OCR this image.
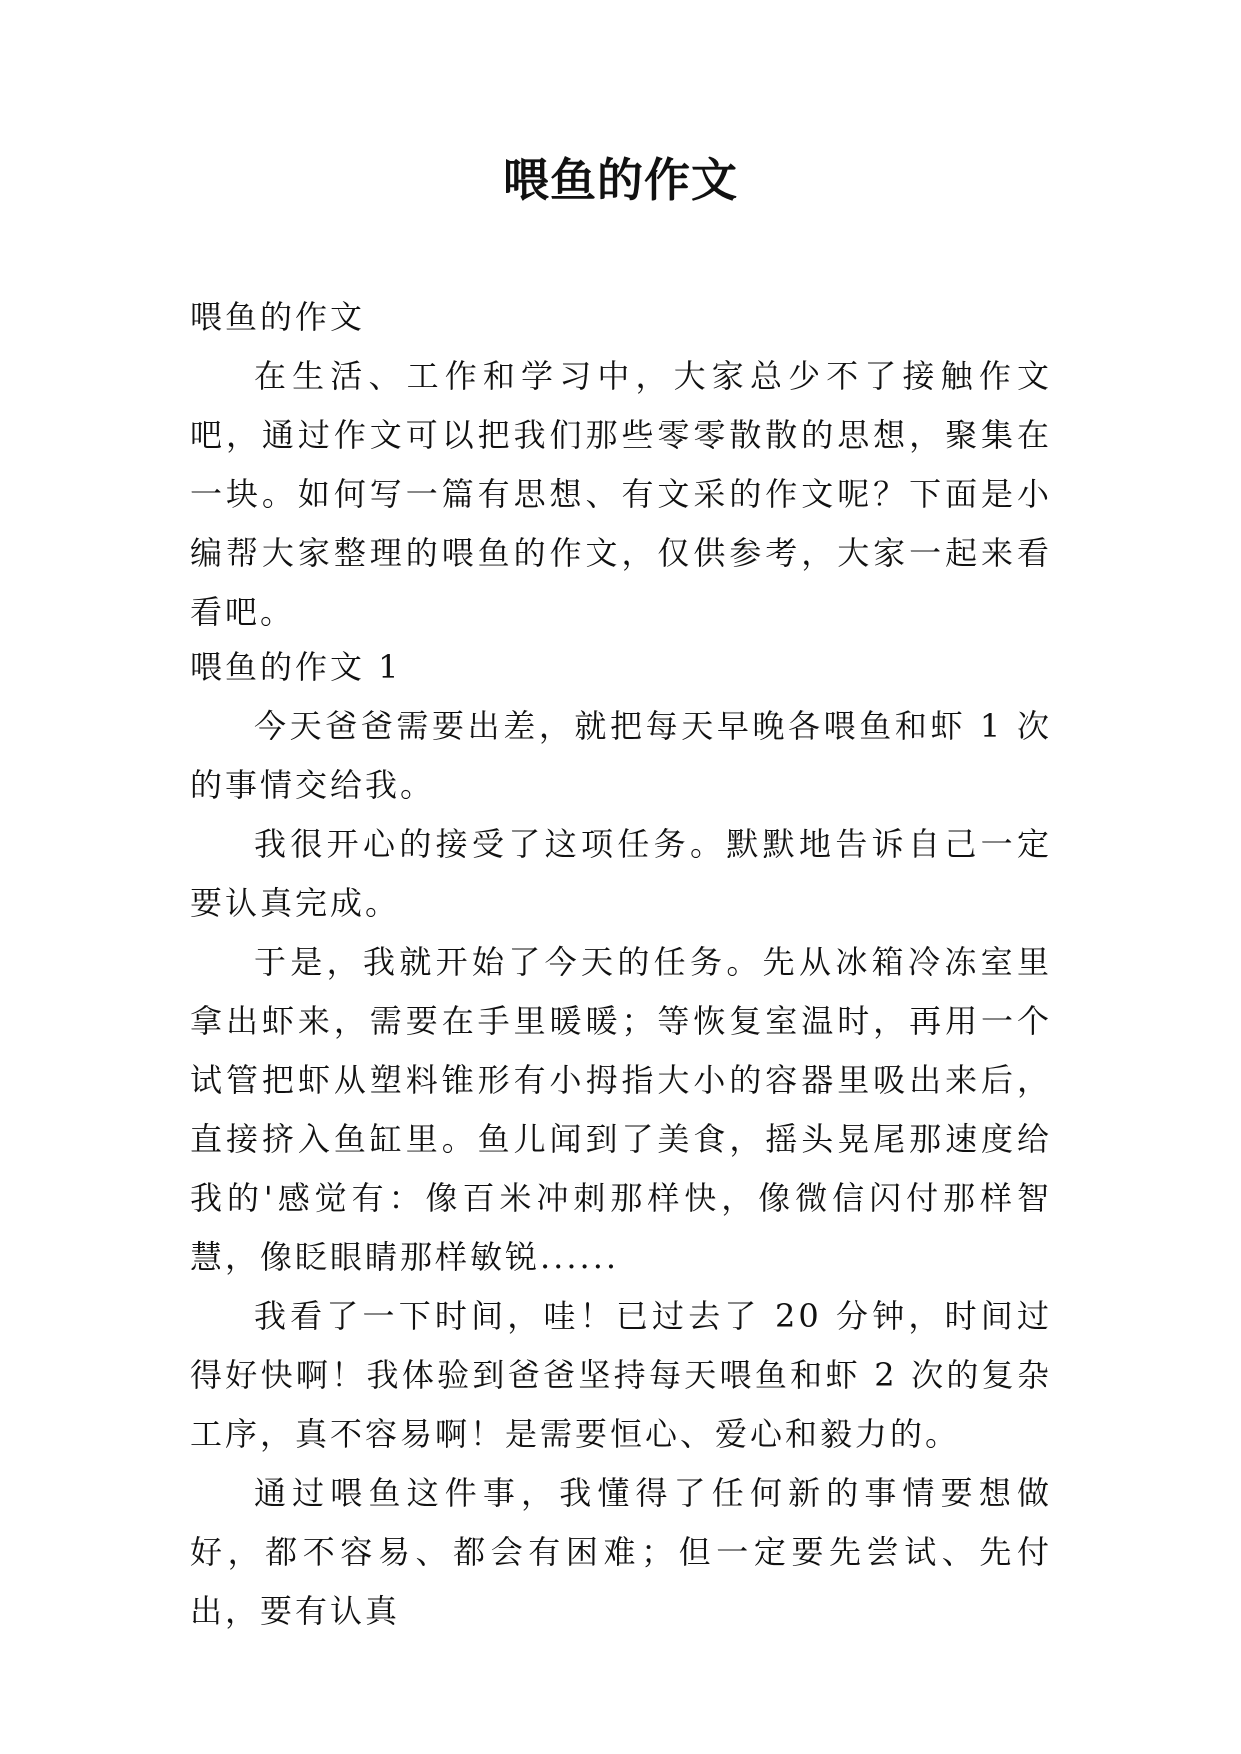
喂鱼的作文

喂鱼的作文

在生活、工作和学习中，大家总少不了接触作文吧，通过作文可以把我们那些零零散散的思想，聚集在一块。如何写一篇有思想、有文采的作文呢？下面是小编帮大家整理的喂鱼的作文，仅供参考，大家一起来看看吧。

喂鱼的作文 1

今天爸爸需要出差，就把每天早晚各喂鱼和虾 1 次的事情交给我。

我很开心的接受了这项任务。默默地告诉自己一定要认真完成。

于是，我就开始了今天的任务。先从冰箱冷冻室里拿出虾来，需要在手里暖暖；等恢复室温时，再用一个试管把虾从塑料锥形有小拇指大小的容器里吸出来后，直接挤入鱼缸里。鱼儿闻到了美食，摇头晃尾那速度给我的'感觉有：像百米冲刺那样快，像微信闪付那样智慧，像眨眼睛那样敏锐......

我看了一下时间，哇！已过去了 20 分钟，时间过得好快啊！我体验到爸爸坚持每天喂鱼和虾 2 次的复杂工序，真不容易啊！是需要恒心、爱心和毅力的。

通过喂鱼这件事，我懂得了任何新的事情要想做好，都不容易、都会有困难；但一定要先尝试、先付出，要有认真
